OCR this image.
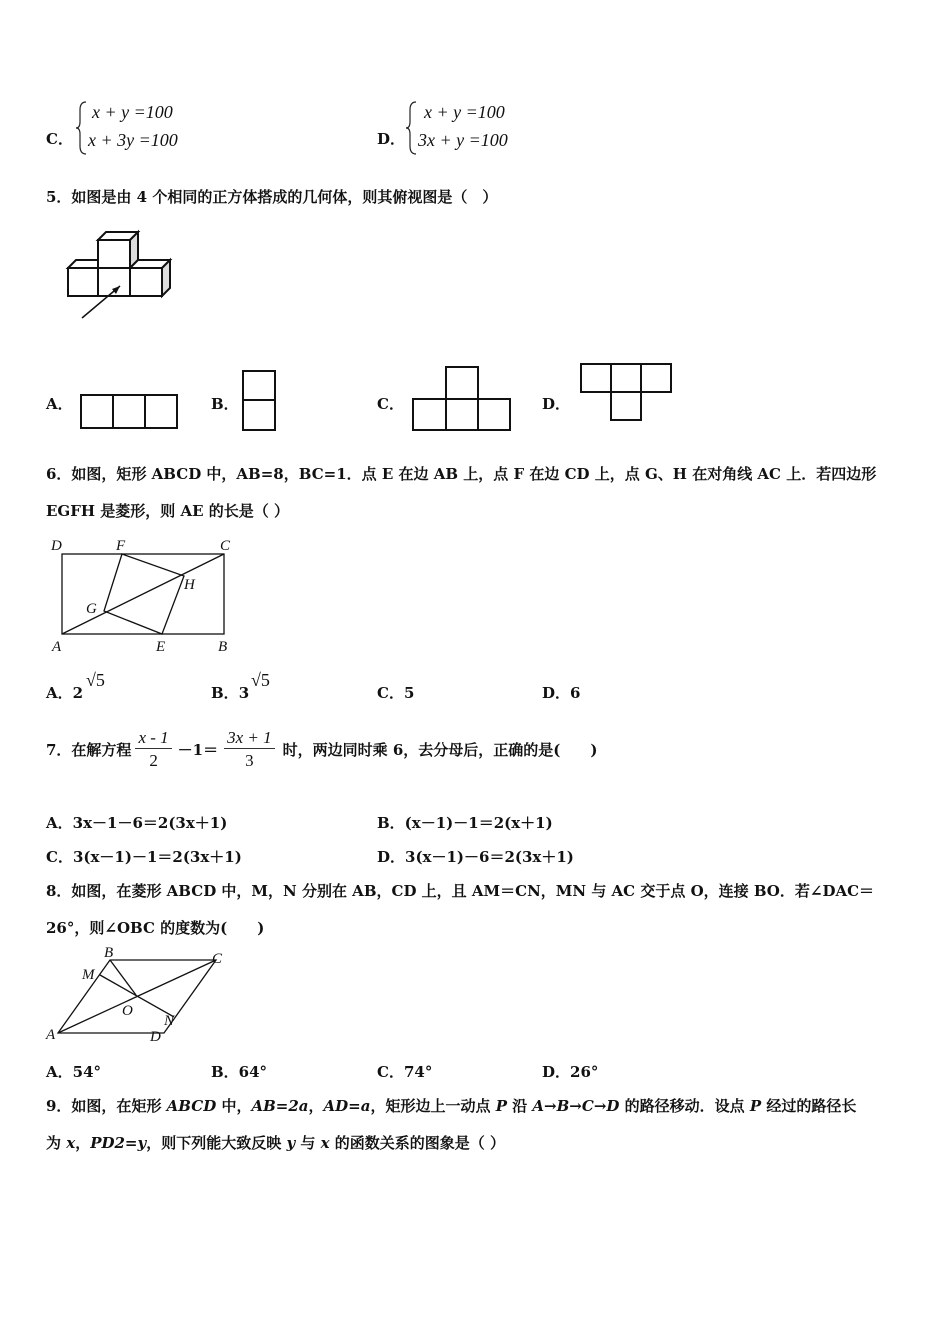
C．
x + y =100
x + 3y =100	D．
x + y =100
3x + y =100
5．如图是由 4 个相同的正方体搭成的几何体，则其俯视图是（　）
A．	B．	C．	D．
6．如图，矩形 ABCD 中，AB=8，BC=1．点 E 在边 AB 上，点 F 在边 CD 上，点 G、H 在对角线 AC 上．若四边形
EGFH 是菱形，则 AE 的长是（ ）
D	F	C
H
G
A	E	B
A．2
√5
B．3
√5
C．5	D．6
7．在解方程 $\frac{x - 1}{2} -1= \frac{3x + 1}{3}$ 时，两边同时乘 6，去分母后，正确的是(　　)
A．3x－1－6＝2(3x＋1)	B．(x－1)－1＝2(x＋1)
C．3(x－1)－1＝2(3x＋1)	D．3(x－1)－6＝2(3x＋1)
8．如图，在菱形 ABCD 中，M，N 分别在 AB，CD 上，且 AM＝CN，MN 与 AC 交于点 O，连接 BO．若∠DAC＝
26°，则∠OBC 的度数为(　　)
B	C
M
O
N
A	D
A．54°	B．64°	C．74°	D．26°
9．如图，在矩形 ABCD 中，AB=2a，AD=a，矩形边上一动点 P 沿 A→B→C→D 的路径移动．设点 P 经过的路径长
为 x，PD2=y，则下列能大致反映 y 与 x 的函数关系的图象是（ ）
